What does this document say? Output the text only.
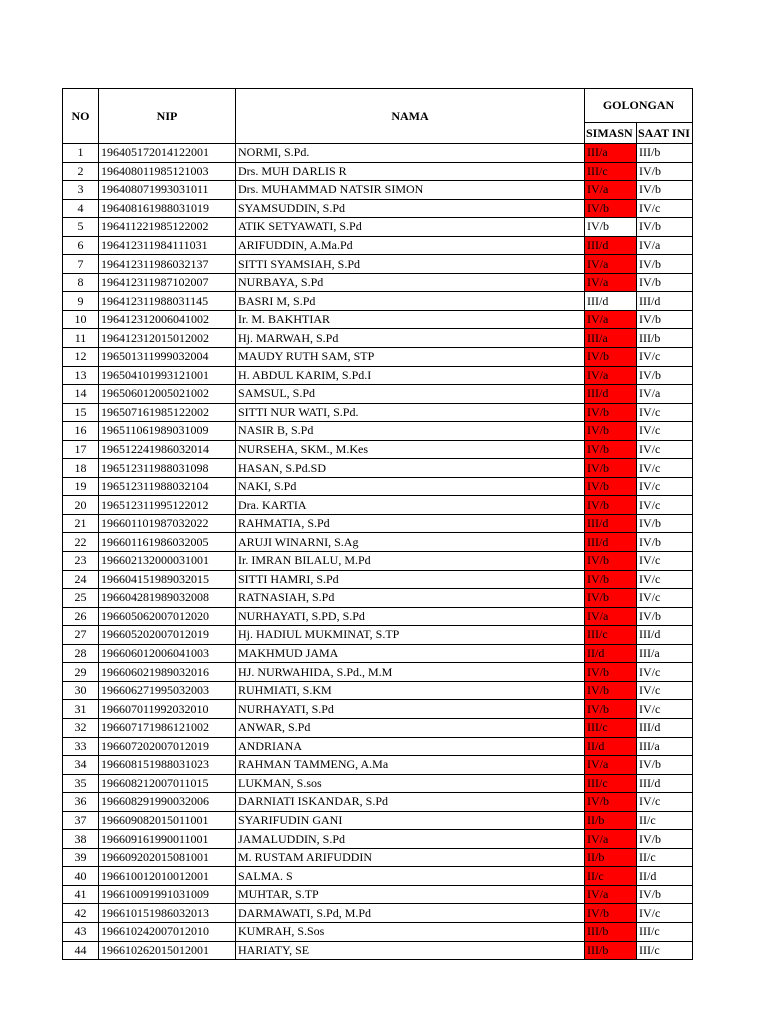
NO	NIP	NAMA	GOLONGAN	
			SIMASN	SAAT INI
1	196405172014122001	NORMI, S.Pd.	III/a	III/b
2	196408011985121003	Drs. MUH DARLIS R	III/c	IV/b
3	196408071993031011	Drs. MUHAMMAD NATSIR SIMON	IV/a	IV/b
4	196408161988031019	SYAMSUDDIN, S.Pd	IV/b	IV/c
5	196411221985122002	ATIK SETYAWATI, S.Pd	IV/b	IV/b
6	196412311984111031	ARIFUDDIN, A.Ma.Pd	III/d	IV/a
7	196412311986032137	SITTI SYAMSIAH, S.Pd	IV/a	IV/b
8	196412311987102007	NURBAYA, S.Pd	IV/a	IV/b
9	196412311988031145	BASRI M, S.Pd	III/d	III/d
10	196412312006041002	Ir. M. BAKHTIAR	IV/a	IV/b
11	196412312015012002	Hj. MARWAH, S.Pd	III/a	III/b
12	196501311999032004	MAUDY RUTH SAM, STP	IV/b	IV/c
13	196504101993121001	H. ABDUL KARIM, S.Pd.I	IV/a	IV/b
14	196506012005021002	SAMSUL, S.Pd	III/d	IV/a
15	196507161985122002	SITTI NUR WATI, S.Pd.	IV/b	IV/c
16	196511061989031009	NASIR B, S.Pd	IV/b	IV/c
17	196512241986032014	NURSEHA, SKM., M.Kes	IV/b	IV/c
18	196512311988031098	HASAN, S.Pd.SD	IV/b	IV/c
19	196512311988032104	NAKI, S.Pd	IV/b	IV/c
20	196512311995122012	Dra. KARTIA	IV/b	IV/c
21	196601101987032022	RAHMATIA, S.Pd	III/d	IV/b
22	196601161986032005	ARUJI WINARNI, S.Ag	III/d	IV/b
23	196602132000031001	Ir. IMRAN BILALU, M.Pd	IV/b	IV/c
24	196604151989032015	SITTI HAMRI, S.Pd	IV/b	IV/c
25	196604281989032008	RATNASIAH, S.Pd	IV/b	IV/c
26	196605062007012020	NURHAYATI, S.PD, S.Pd	IV/a	IV/b
27	196605202007012019	Hj. HADIUL MUKMINAT, S.TP	III/c	III/d
28	196606012006041003	MAKHMUD JAMA	II/d	III/a
29	196606021989032016	HJ. NURWAHIDA, S.Pd., M.M	IV/b	IV/c
30	196606271995032003	RUHMIATI, S.KM	IV/b	IV/c
31	196607011992032010	NURHAYATI, S.Pd	IV/b	IV/c
32	196607171986121002	ANWAR, S.Pd	III/c	III/d
33	196607202007012019	ANDRIANA	II/d	III/a
34	196608151988031023	RAHMAN TAMMENG, A.Ma	IV/a	IV/b
35	196608212007011015	LUKMAN, S.sos	III/c	III/d
36	196608291990032006	DARNIATI ISKANDAR, S.Pd	IV/b	IV/c
37	196609082015011001	SYARIFUDIN GANI	II/b	II/c
38	196609161990011001	JAMALUDDIN, S.Pd	IV/a	IV/b
39	196609202015081001	M. RUSTAM ARIFUDDIN	II/b	II/c
40	196610012010012001	SALMA. S	II/c	II/d
41	196610091991031009	MUHTAR, S.TP	IV/a	IV/b
42	196610151986032013	DARMAWATI, S.Pd, M.Pd	IV/b	IV/c
43	196610242007012010	KUMRAH, S.Sos	III/b	III/c
44	196610262015012001	HARIATY, SE	III/b	III/c
